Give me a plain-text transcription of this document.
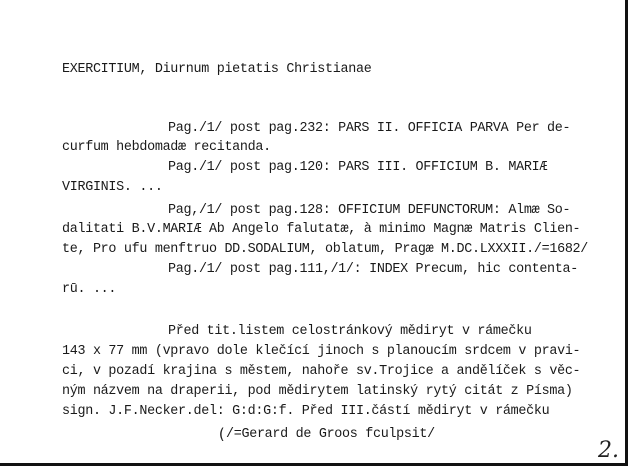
EXERCITIUM, Diurnum pietatis Christianae
Pag./1/ post pag.232: PARS II. OFFICIA PARVA Per de-
curfum hebdomadæ recitanda.
Pag./1/ post pag.120: PARS III. OFFICIUM B. MARIÆ
VIRGINIS. ...
Pag,/1/ post pag.128: OFFICIUM DEFUNCTORUM: Almæ So-
dalitati B.V.MARIÆ Ab Angelo falutatæ, à minimo Magnæ Matris Clien-
te, Pro ufu menftruo DD.SODALIUM, oblatum, Pragæ M.DC.LXXXII./=1682/
Pag./1/ post pag.111,/1/: INDEX Precum, hic contenta-
rū. ...
Před tit.listem celostránkový mědiryt v rámečku
143 x 77 mm (vpravo dole klečící jinoch s planoucím srdcem v pravi-
ci, v pozadí krajina s městem, nahoře sv.Trojice a andělíček s věc-
ným názvem na draperii, pod mědirytem latinský rytý citát z Písma)
sign. J.F.Necker.del: G:d:G:f. Před III.částí mědiryt v rámečku
/=Gerard de Groos fculpsit/
(
2.
